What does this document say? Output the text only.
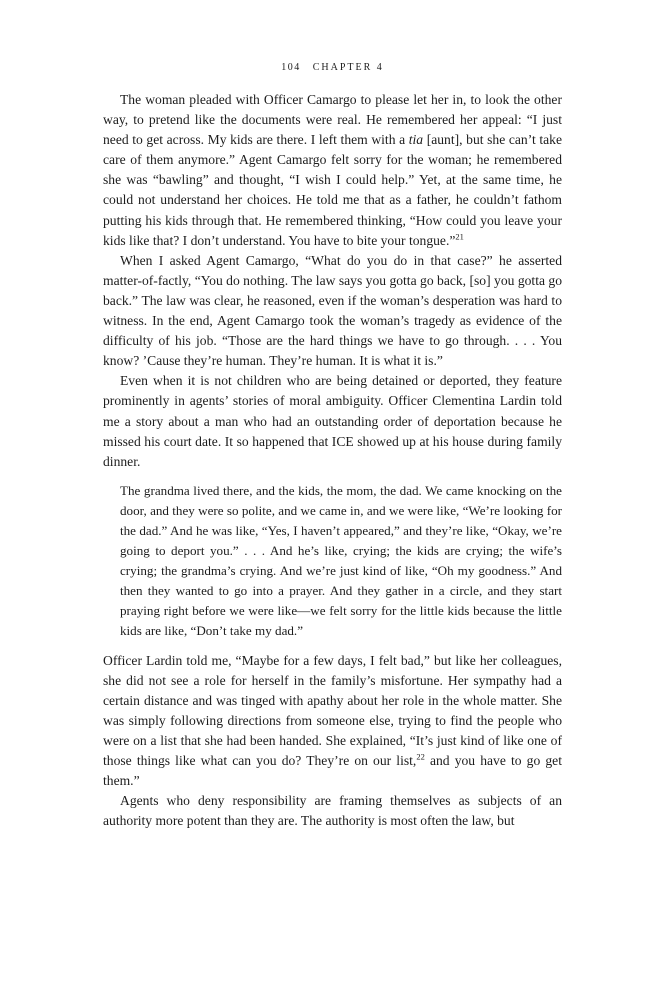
104 CHAPTER 4

The woman pleaded with Officer Camargo to please let her in, to look the other way, to pretend like the documents were real. He remembered her appeal: “I just need to get across. My kids are there. I left them with a tia [aunt], but she can’t take care of them anymore.” Agent Camargo felt sorry for the woman; he remembered she was “bawling” and thought, “I wish I could help.” Yet, at the same time, he could not understand her choices. He told me that as a father, he couldn’t fathom putting his kids through that. He remembered thinking, “How could you leave your kids like that? I don’t understand. You have to bite your tongue.”$^{21}$

When I asked Agent Camargo, “What do you do in that case?” he asserted matter-of-factly, “You do nothing. The law says you gotta go back, [so] you gotta go back.” The law was clear, he reasoned, even if the woman’s desperation was hard to witness. In the end, Agent Camargo took the woman’s tragedy as evidence of the difficulty of his job. “Those are the hard things we have to go through. . . . You know? ’Cause they’re human. They’re human. It is what it is.”

Even when it is not children who are being detained or deported, they feature prominently in agents’ stories of moral ambiguity. Officer Clementina Lardin told me a story about a man who had an outstanding order of deportation because he missed his court date. It so happened that ICE showed up at his house during family dinner.

The grandma lived there, and the kids, the mom, the dad. We came knocking on the door, and they were so polite, and we came in, and we were like, “We’re looking for the dad.” And he was like, “Yes, I haven’t appeared,” and they’re like, “Okay, we’re going to deport you.” . . . And he’s like, crying; the kids are crying; the wife’s crying; the grandma’s crying. And we’re just kind of like, “Oh my goodness.” And then they wanted to go into a prayer. And they gather in a circle, and they start praying right before we were like—we felt sorry for the little kids because the little kids are like, “Don’t take my dad.”

Officer Lardin told me, “Maybe for a few days, I felt bad,” but like her colleagues, she did not see a role for herself in the family’s misfortune. Her sympathy had a certain distance and was tinged with apathy about her role in the whole matter. She was simply following directions from someone else, trying to find the people who were on a list that she had been handed. She explained, “It’s just kind of like one of those things like what can you do? They’re on our list,$^{22}$ and you have to go get them.”

Agents who deny responsibility are framing themselves as subjects of an authority more potent than they are. The authority is most often the law, but
